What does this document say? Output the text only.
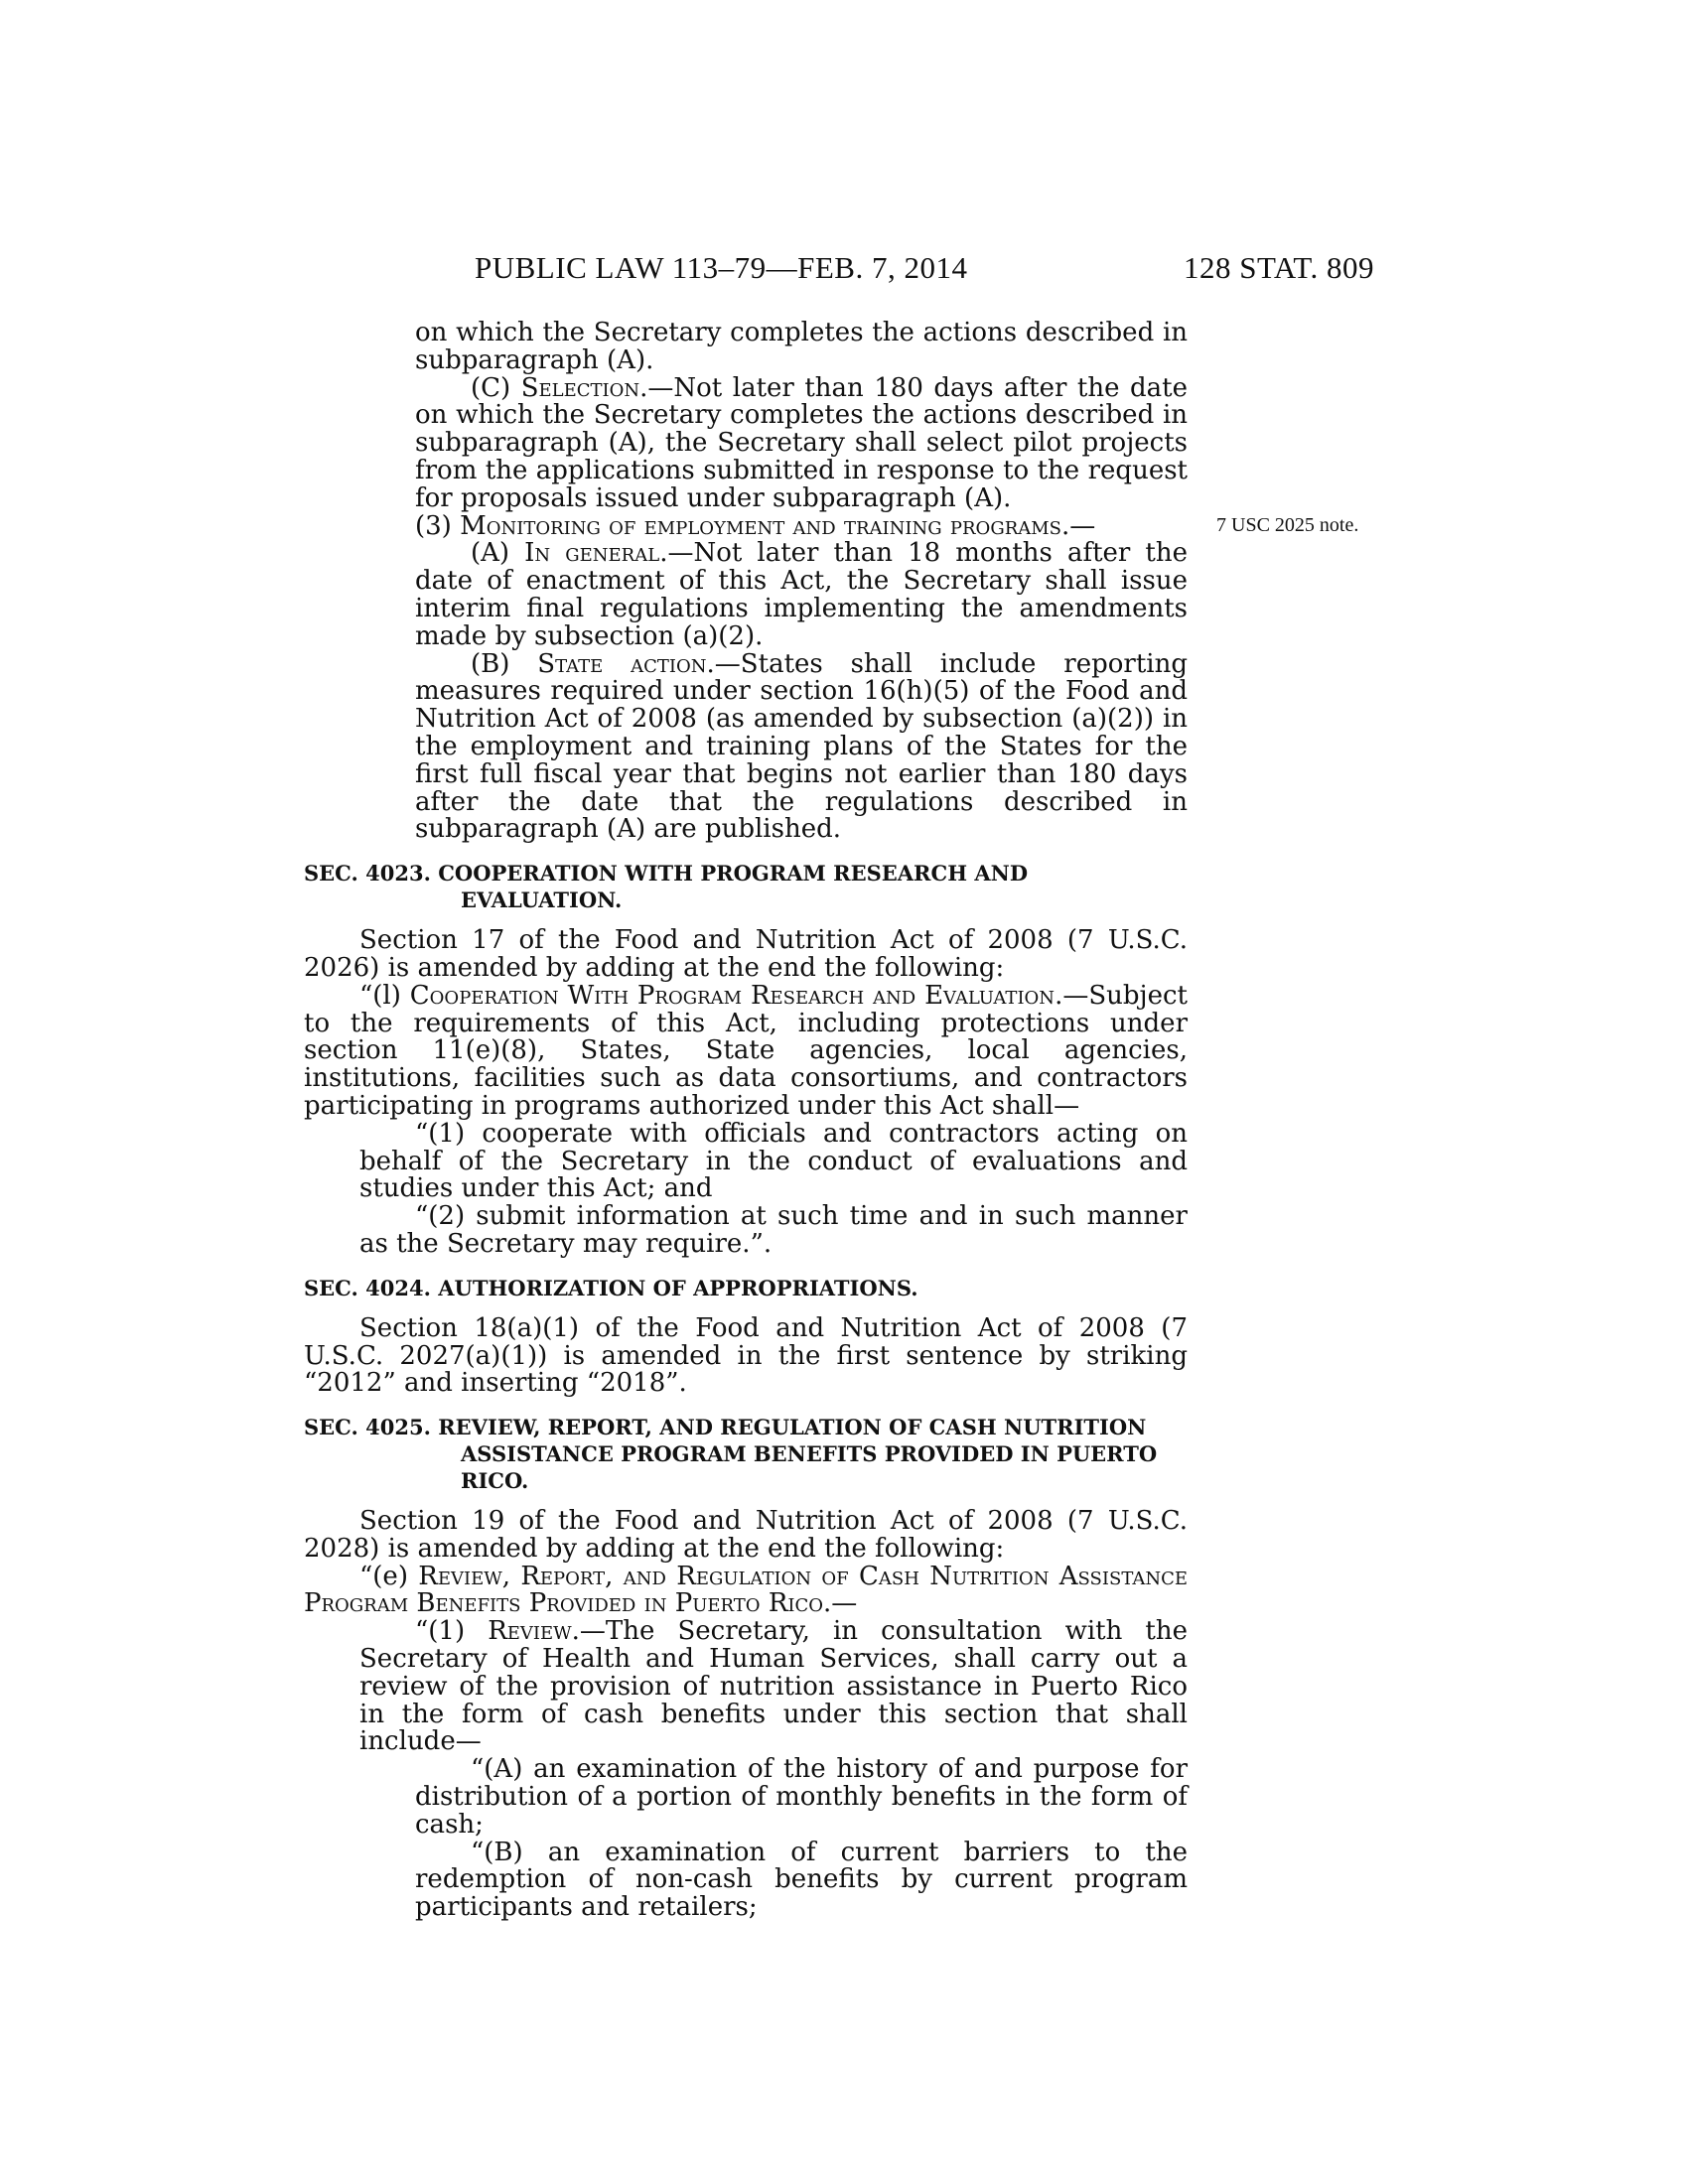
PUBLIC LAW 113–79—FEB. 7, 2014	128 STAT. 809
7 USC 2025 note.

on which the Secretary completes the actions described in subparagraph (A).

(C) Selection.—Not later than 180 days after the date on which the Secretary completes the actions described in subparagraph (A), the Secretary shall select pilot projects from the applications submitted in response to the request for proposals issued under subparagraph (A).

(3) Monitoring of employment and training programs.—

(A) In general.—Not later than 18 months after the date of enactment of this Act, the Secretary shall issue interim final regulations implementing the amendments made by subsection (a)(2).

(B) State action.—States shall include reporting measures required under section 16(h)(5) of the Food and Nutrition Act of 2008 (as amended by subsection (a)(2)) in the employment and training plans of the States for the first full fiscal year that begins not earlier than 180 days after the date that the regulations described in subparagraph (A) are published.

SEC. 4023. COOPERATION WITH PROGRAM RESEARCH AND EVALUATION.

Section 17 of the Food and Nutrition Act of 2008 (7 U.S.C. 2026) is amended by adding at the end the following:

“(l) Cooperation With Program Research and Evaluation.—Subject to the requirements of this Act, including protections under section 11(e)(8), States, State agencies, local agencies, institutions, facilities such as data consortiums, and contractors participating in programs authorized under this Act shall—

“(1) cooperate with officials and contractors acting on behalf of the Secretary in the conduct of evaluations and studies under this Act; and

“(2) submit information at such time and in such manner as the Secretary may require.”.

SEC. 4024. AUTHORIZATION OF APPROPRIATIONS.

Section 18(a)(1) of the Food and Nutrition Act of 2008 (7 U.S.C. 2027(a)(1)) is amended in the first sentence by striking “2012” and inserting “2018”.

SEC. 4025. REVIEW, REPORT, AND REGULATION OF CASH NUTRITION ASSISTANCE PROGRAM BENEFITS PROVIDED IN PUERTO RICO.

Section 19 of the Food and Nutrition Act of 2008 (7 U.S.C. 2028) is amended by adding at the end the following:

“(e) Review, Report, and Regulation of Cash Nutrition Assistance Program Benefits Provided in Puerto Rico.—

“(1) Review.—The Secretary, in consultation with the Secretary of Health and Human Services, shall carry out a review of the provision of nutrition assistance in Puerto Rico in the form of cash benefits under this section that shall include—

“(A) an examination of the history of and purpose for distribution of a portion of monthly benefits in the form of cash;

“(B) an examination of current barriers to the redemption of non-cash benefits by current program participants and retailers;
